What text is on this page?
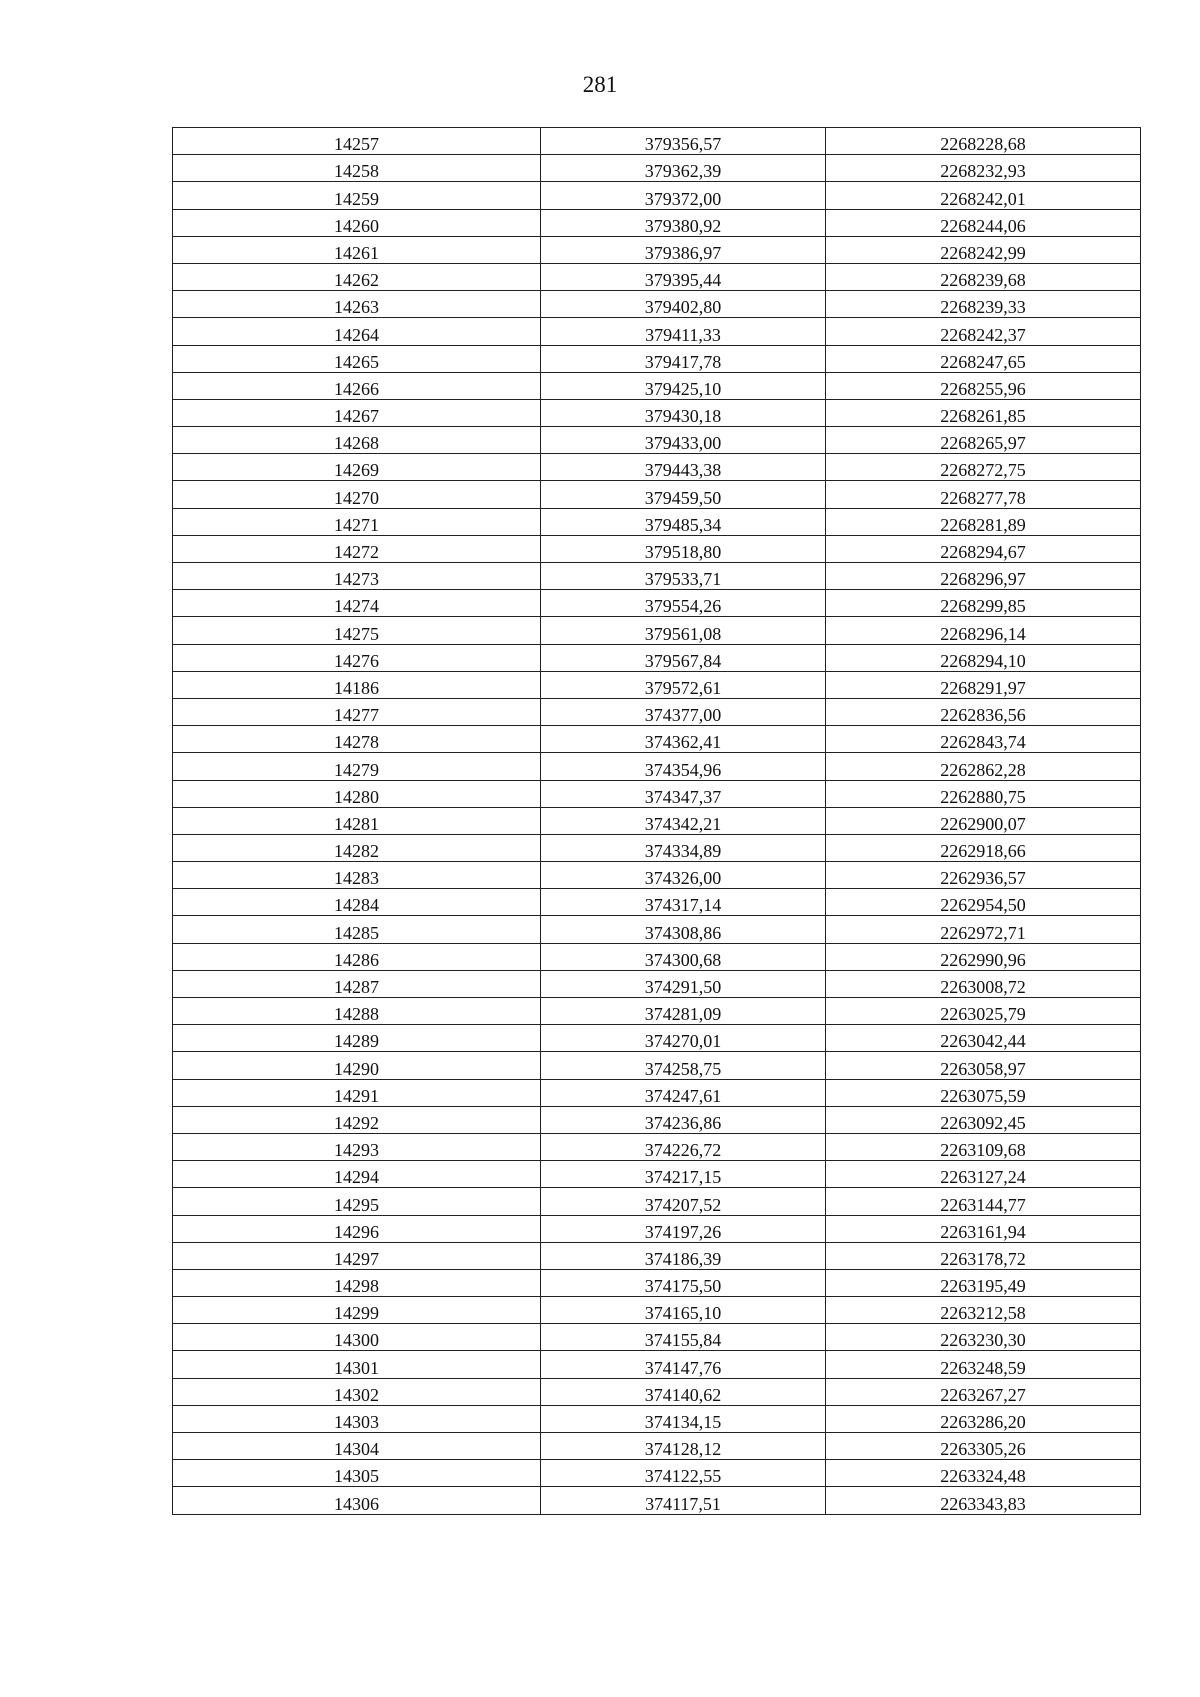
281
14257	379356,57	2268228,68
14258	379362,39	2268232,93
14259	379372,00	2268242,01
14260	379380,92	2268244,06
14261	379386,97	2268242,99
14262	379395,44	2268239,68
14263	379402,80	2268239,33
14264	379411,33	2268242,37
14265	379417,78	2268247,65
14266	379425,10	2268255,96
14267	379430,18	2268261,85
14268	379433,00	2268265,97
14269	379443,38	2268272,75
14270	379459,50	2268277,78
14271	379485,34	2268281,89
14272	379518,80	2268294,67
14273	379533,71	2268296,97
14274	379554,26	2268299,85
14275	379561,08	2268296,14
14276	379567,84	2268294,10
14186	379572,61	2268291,97
14277	374377,00	2262836,56
14278	374362,41	2262843,74
14279	374354,96	2262862,28
14280	374347,37	2262880,75
14281	374342,21	2262900,07
14282	374334,89	2262918,66
14283	374326,00	2262936,57
14284	374317,14	2262954,50
14285	374308,86	2262972,71
14286	374300,68	2262990,96
14287	374291,50	2263008,72
14288	374281,09	2263025,79
14289	374270,01	2263042,44
14290	374258,75	2263058,97
14291	374247,61	2263075,59
14292	374236,86	2263092,45
14293	374226,72	2263109,68
14294	374217,15	2263127,24
14295	374207,52	2263144,77
14296	374197,26	2263161,94
14297	374186,39	2263178,72
14298	374175,50	2263195,49
14299	374165,10	2263212,58
14300	374155,84	2263230,30
14301	374147,76	2263248,59
14302	374140,62	2263267,27
14303	374134,15	2263286,20
14304	374128,12	2263305,26
14305	374122,55	2263324,48
14306	374117,51	2263343,83
